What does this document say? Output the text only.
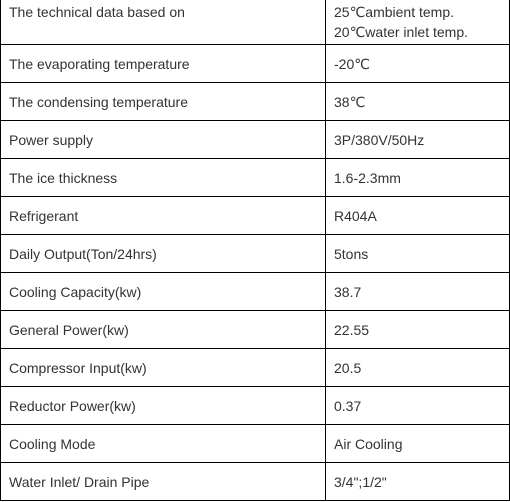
The technical data based on	25℃ambient temp.
20℃water inlet temp.

The evaporating temperature	-20℃
The condensing temperature	38℃
Power supply	3P/380V/50Hz
The ice thickness	1.6-2.3mm
Refrigerant	R404A
Daily Output(Ton/24hrs)	5tons
Cooling Capacity(kw)	38.7
General Power(kw)	22.55
Compressor Input(kw)	20.5
Reductor Power(kw)	0.37
Cooling Mode	Air Cooling
Water Inlet/ Drain Pipe	3/4";1/2"
